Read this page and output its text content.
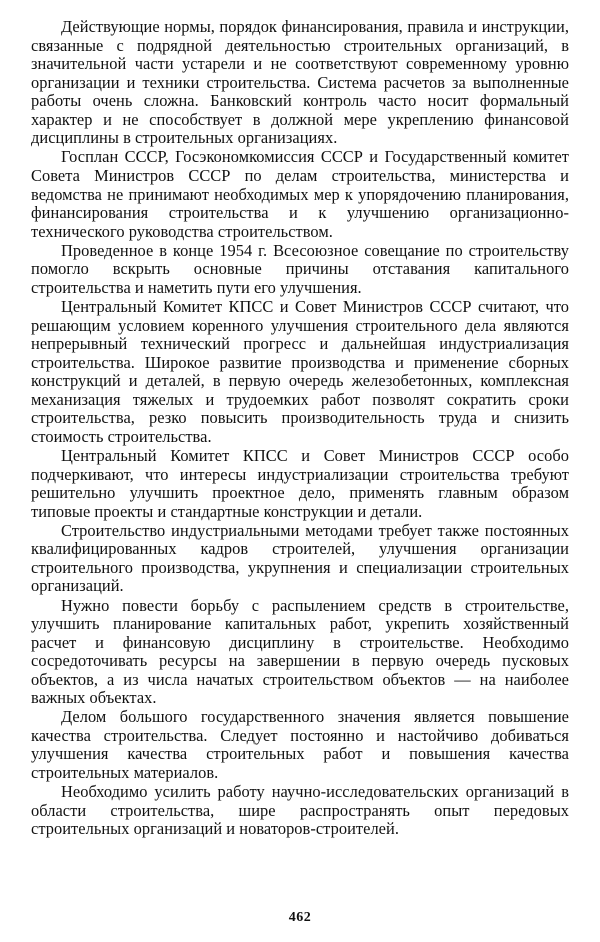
Действующие нормы, порядок финансирования, правила и инструкции, связанные с подрядной деятельностью строительных организаций, в значительной части устарели и не соответствуют современному уровню организации и техники строительства. Система расчетов за выполненные работы очень сложна. Банковский контроль часто носит формальный характер и не способствует в должной мере укреплению финансовой дисциплины в строительных организациях.

Госплан СССР, Госэкономкомиссия СССР и Государственный комитет Совета Министров СССР по делам строительства, министерства и ведомства не принимают необходимых мер к упорядочению планирования, финансирования строительства и к улучшению организационно-технического руководства строительством.

Проведенное в конце 1954 г. Всесоюзное совещание по строительству помогло вскрыть основные причины отставания капитального строительства и наметить пути его улучшения.

Центральный Комитет КПСС и Совет Министров СССР считают, что решающим условием коренного улучшения строительного дела являются непрерывный технический прогресс и дальнейшая индустриализация строительства. Широкое развитие производства и применение сборных конструкций и деталей, в первую очередь железобетонных, комплексная механизация тяжелых и трудоемких работ позволят сократить сроки строительства, резко повысить производительность труда и снизить стоимость строительства.

Центральный Комитет КПСС и Совет Министров СССР особо подчеркивают, что интересы индустриализации строительства требуют решительно улучшить проектное дело, применять главным образом типовые проекты и стандартные конструкции и детали.

Строительство индустриальными методами требует также постоянных квалифицированных кадров строителей, улучшения организации строительного производства, укрупнения и специализации строительных организаций.

Нужно повести борьбу с распылением средств в строительстве, улучшить планирование капитальных работ, укрепить хозяйственный расчет и финансовую дисциплину в строительстве. Необходимо сосредоточивать ресурсы на завершении в первую очередь пусковых объектов, а из числа начатых строительством объектов — на наиболее важных объектах.

Делом большого государственного значения является повышение качества строительства. Следует постоянно и настойчиво добиваться улучшения качества строительных работ и повышения качества строительных материалов.

Необходимо усилить работу научно-исследовательских организаций в области строительства, шире распространять опыт передовых строительных организаций и новаторов-строителей.

462
